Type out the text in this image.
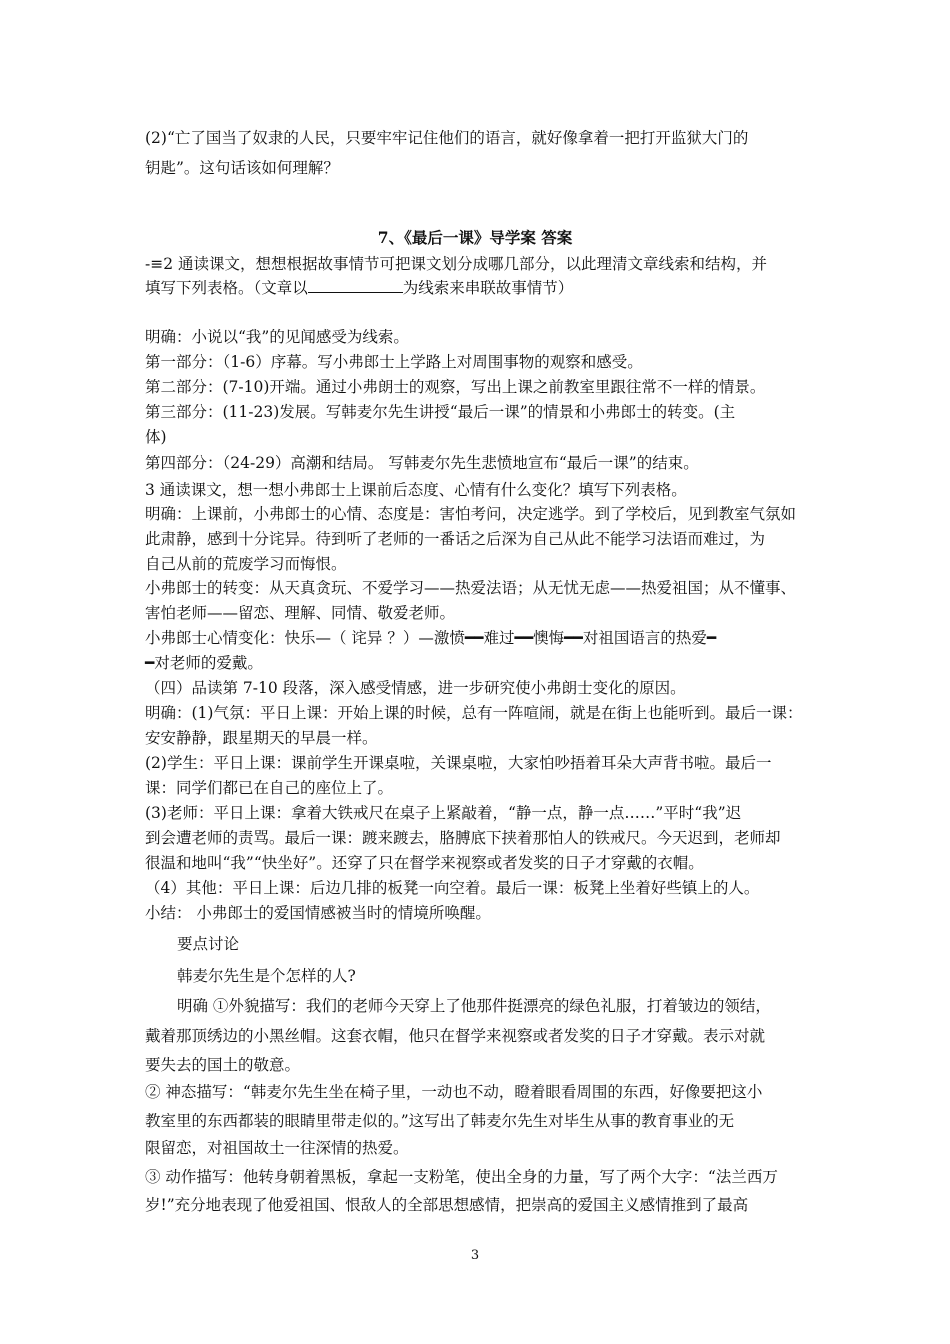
(2)“亡了国当了奴隶的人民，只要牢牢记住他们的语言，就好像拿着一把打开监狱大门的
钥匙”。这句话该如何理解？
7、《最后一课》导学案 答案
-≡2 通读课文，想想根据故事情节可把课文划分成哪几部分，以此理清文章线索和结构，并
填写下列表格。（文章以	为线索来串联故事情节）
明确：小说以“我”的见闻感受为线索。
第一部分：（1-6）序幕。写小弗郎士上学路上对周围事物的观察和感受。
第二部分：(7-10)开端。通过小弗朗士的观察，写出上课之前教室里跟往常不一样的情景。
第三部分：(11-23)发展。写韩麦尔先生讲授“最后一课”的情景和小弗郎士的转变。(主
体)
第四部分：（24-29）高潮和结局。 写韩麦尔先生悲愤地宣布“最后一课”的结束。
3 通读课文，想一想小弗郎士上课前后态度、心情有什么变化？填写下列表格。
明确：上课前，小弗郎士的心情、态度是：害怕考问，决定逃学。到了学校后，见到教室气氛如
此肃静，感到十分诧异。待到听了老师的一番话之后深为自己从此不能学习法语而难过，为
自己从前的荒废学习而悔恨。
小弗郎士的转变：从天真贪玩、不爱学习——热爱法语；从无忧无虑——热爱祖国；从不懂事、
害怕老师——留恋、理解、同情、敬爱老师。
小弗郎士心情变化：快乐—（ 诧异 ？）—激愤━━难过━━懊悔━━对祖国语言的热爱━
━对老师的爱戴。
（四）品读第 7-10 段落，深入感受情感，进一步研究使小弗朗士变化的原因。
明确：(1)气氛：平日上课：开始上课的时候，总有一阵喧闹，就是在街上也能听到。最后一课：
安安静静，跟星期天的早晨一样。
(2)学生：平日上课：课前学生开课桌啦，关课桌啦，大家怕吵捂着耳朵大声背书啦。最后一
课：同学们都已在自己的座位上了。
(3)老师：平日上课：拿着大铁戒尺在桌子上紧敲着，“静一点，静一点……”平时“我”迟
到会遭老师的责骂。最后一课：踱来踱去，胳膊底下挟着那怕人的铁戒尺。今天迟到，老师却
很温和地叫“我”“快坐好”。还穿了只在督学来视察或者发奖的日子才穿戴的衣帽。
（4）其他：平日上课：后边几排的板凳一向空着。最后一课：板凳上坐着好些镇上的人。
小结： 小弗郎士的爱国情感被当时的情境所唤醒。
要点讨论
韩麦尔先生是个怎样的人?
明确 ①外貌描写：我们的老师今天穿上了他那件挺漂亮的绿色礼服，打着皱边的领结，
戴着那顶绣边的小黑丝帽。这套衣帽，他只在督学来视察或者发奖的日子才穿戴。表示对就
要失去的国土的敬意。
② 神态描写：“韩麦尔先生坐在椅子里，一动也不动，瞪着眼看周围的东西，好像要把这小
教室里的东西都装的眼睛里带走似的。”这写出了韩麦尔先生对毕生从事的教育事业的无
限留恋，对祖国故土一往深情的热爱。
③ 动作描写：他转身朝着黑板，拿起一支粉笔，使出全身的力量，写了两个大字：“法兰西万
岁!”充分地表现了他爱祖国、恨敌人的全部思想感情，把崇高的爱国主义感情推到了最高
3
